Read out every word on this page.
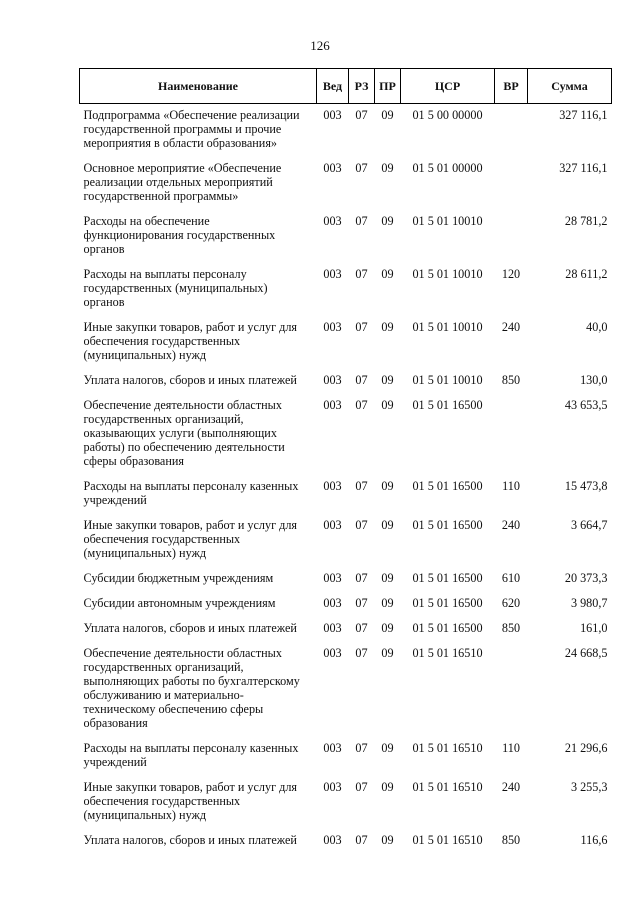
126
Наименование	Вед	РЗ	ПР	ЦСР	ВР	Сумма
Подпрограмма «Обеспечение реализации государственной программы и прочие мероприятия в области образования»	003	07	09	01 5 00 00000		327 116,1
Основное мероприятие «Обеспечение реализации отдельных мероприятий государственной программы»	003	07	09	01 5 01 00000		327 116,1
Расходы на обеспечение функционирования государственных органов	003	07	09	01 5 01 10010		28 781,2
Расходы на выплаты персоналу государственных (муниципальных) органов	003	07	09	01 5 01 10010	120	28 611,2
Иные закупки товаров, работ и услуг для обеспечения государственных (муниципальных) нужд	003	07	09	01 5 01 10010	240	40,0
Уплата налогов, сборов и иных платежей	003	07	09	01 5 01 10010	850	130,0
Обеспечение деятельности областных государственных организаций, оказывающих услуги (выполняющих работы) по обеспечению деятельности сферы образования	003	07	09	01 5 01 16500		43 653,5
Расходы на выплаты персоналу казенных учреждений	003	07	09	01 5 01 16500	110	15 473,8
Иные закупки товаров, работ и услуг для обеспечения государственных (муниципальных) нужд	003	07	09	01 5 01 16500	240	3 664,7
Субсидии бюджетным учреждениям	003	07	09	01 5 01 16500	610	20 373,3
Субсидии автономным учреждениям	003	07	09	01 5 01 16500	620	3 980,7
Уплата налогов, сборов и иных платежей	003	07	09	01 5 01 16500	850	161,0
Обеспечение деятельности областных государственных организаций, выполняющих работы по бухгалтерскому обслуживанию и материально-техническому обеспечению сферы образования	003	07	09	01 5 01 16510		24 668,5
Расходы на выплаты персоналу казенных учреждений	003	07	09	01 5 01 16510	110	21 296,6
Иные закупки товаров, работ и услуг для обеспечения государственных (муниципальных) нужд	003	07	09	01 5 01 16510	240	3 255,3
Уплата налогов, сборов и иных платежей	003	07	09	01 5 01 16510	850	116,6
